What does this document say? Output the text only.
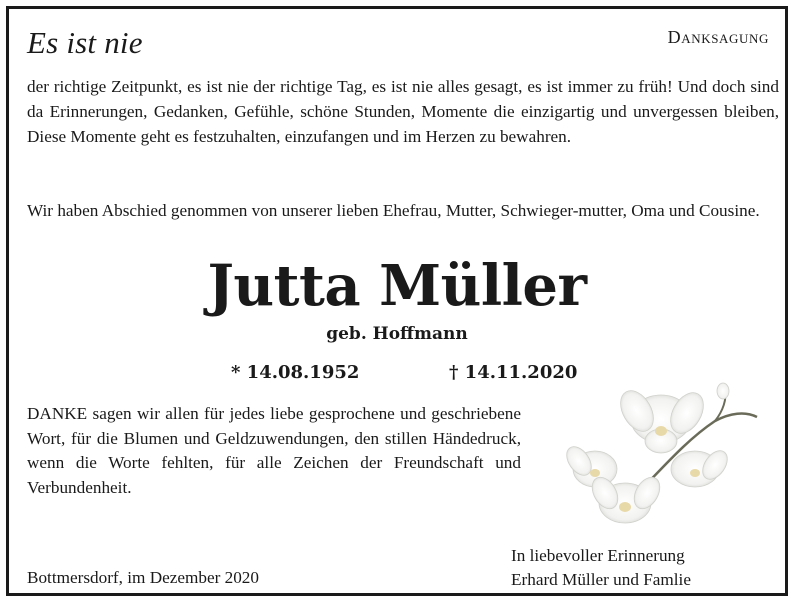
Es ist nie	Danksagung
der richtige Zeitpunkt, es ist nie der richtige Tag, es ist nie alles gesagt, es ist immer zu früh! Und doch sind da Erinnerungen, Gedanken, Gefühle, schöne Stunden, Momente die einzigartig und unvergessen bleiben, Diese Momente geht es festzuhalten, einzufangen und im Herzen zu bewahren.
Wir haben Abschied genommen von unserer lieben Ehefrau, Mutter, Schwieger-mutter, Oma und Cousine.
Jutta Müller
geb. Hoffmann
* 14.08.1952	† 14.11.2020
DANKE sagen wir allen für jedes liebe gesprochene und geschriebene Wort, für die Blumen und Geldzuwendungen, den stillen Händedruck, wenn die Worte fehlten, für alle Zeichen der Freundschaft und Verbundenheit.
Bottmersdorf, im Dezember 2020
In liebevoller Erinnerung
Erhard Müller und Famlie
